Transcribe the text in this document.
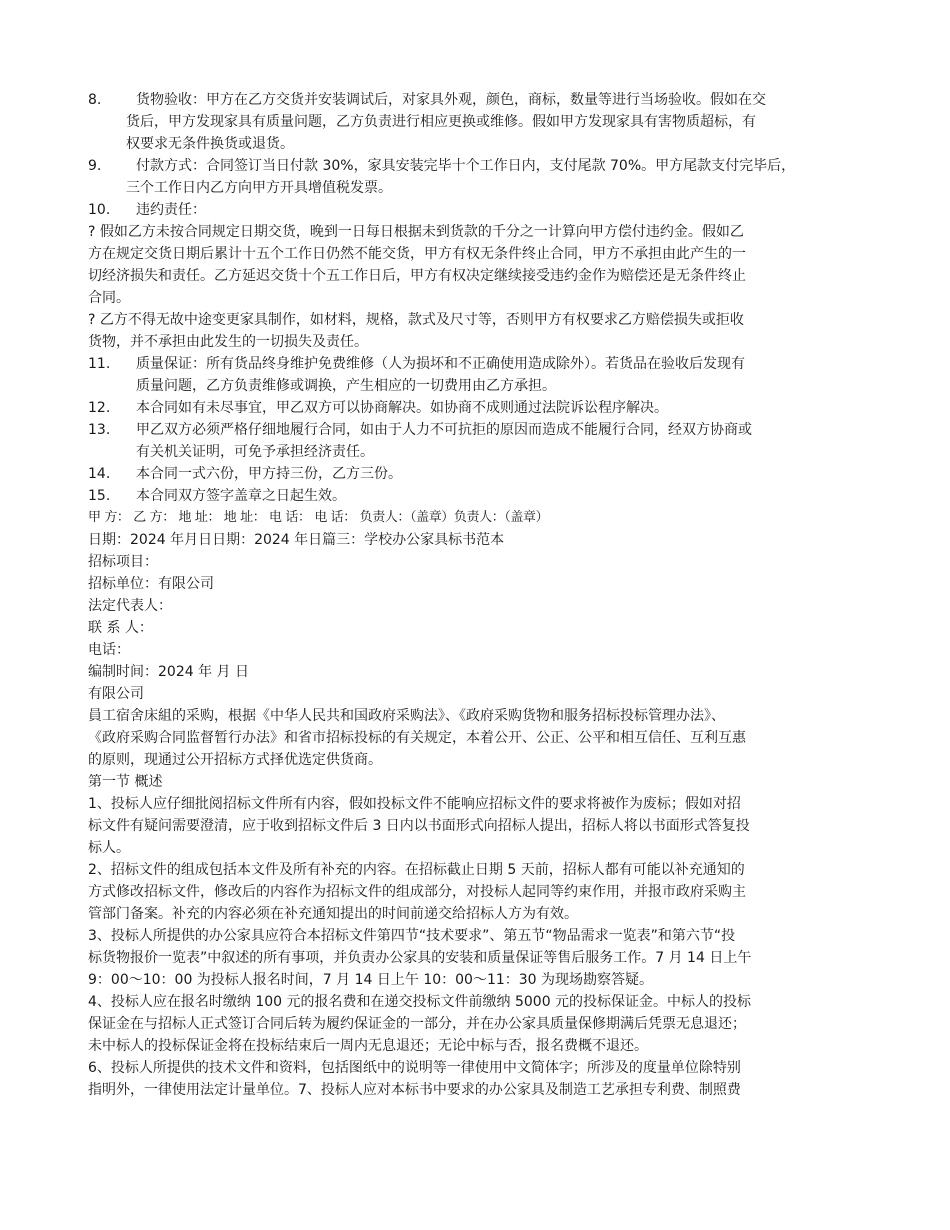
8. 货物验收：甲方在乙方交货并安装调试后，对家具外观，颜色，商标，数量等进行当场验收。假如在交
货后，甲方发现家具有质量问题，乙方负责进行相应更换或维修。假如甲方发现家具有害物质超标，有
权要求无条件换货或退货。
9. 付款方式：合同签订当日付款 30%，家具安装完毕十个工作日内，支付尾款 70%。甲方尾款支付完毕后，
三个工作日内乙方向甲方开具增值税发票。
10. 违约责任：
? 假如乙方未按合同规定日期交货，晚到一日每日根据未到货款的千分之一计算向甲方偿付违约金。假如乙
方在规定交货日期后累计十五个工作日仍然不能交货，甲方有权无条件终止合同，甲方不承担由此产生的一
切经济损失和责任。乙方延迟交货十个五工作日后，甲方有权决定继续接受违约金作为赔偿还是无条件终止
合同。
? 乙方不得无故中途变更家具制作，如材料，规格，款式及尺寸等，否则甲方有权要求乙方赔偿损失或拒收
货物，并不承担由此发生的一切损失及责任。
11. 质量保证：所有货品终身维护免费维修（人为损坏和不正确使用造成除外）。若货品在验收后发现有
质量问题，乙方负责维修或调换，产生相应的一切费用由乙方承担。
12. 本合同如有未尽事宜，甲乙双方可以协商解决。如协商不成则通过法院诉讼程序解决。
13. 甲乙双方必须严格仔细地履行合同，如由于人力不可抗拒的原因而造成不能履行合同，经双方协商或
有关机关证明，可免予承担经济责任。
14. 本合同一式六份，甲方持三份，乙方三份。
15. 本合同双方签字盖章之日起生效。
甲 方： 乙 方： 地 址： 地 址： 电 话： 电 话： 负责人：（盖章）负责人：（盖章）
日期：2024 年月日日期：2024 年日篇三：学校办公家具标书范本
招标项目：
招标单位：有限公司
法定代表人：
联 系 人：
电话：
编制时间：2024 年 月 日
有限公司
員工宿舍床組的采购，根据《中华人民共和国政府采购法》、《政府采购货物和服务招标投标管理办法》、
《政府采购合同监督暂行办法》和省市招标投标的有关规定，本着公开、公正、公平和相互信任、互利互惠
的原则，现通过公开招标方式择优选定供货商。
第一节 概述
1、投标人应仔细批阅招标文件所有内容，假如投标文件不能响应招标文件的要求将被作为废标；假如对招
标文件有疑问需要澄清，应于收到招标文件后 3 日内以书面形式向招标人提出，招标人将以书面形式答复投
标人。
2、招标文件的组成包括本文件及所有补充的内容。在招标截止日期 5 天前，招标人都有可能以补充通知的
方式修改招标文件，修改后的内容作为招标文件的组成部分，对投标人起同等约束作用，并报市政府采购主
管部门备案。补充的内容必须在补充通知提出的时间前递交给招标人方为有效。
3、投标人所提供的办公家具应符合本招标文件第四节“技术要求”、第五节“物品需求一览表”和第六节“投
标货物报价一览表”中叙述的所有事项，并负责办公家具的安装和质量保证等售后服务工作。7 月 14 日上午
9：00～10：00 为投标人报名时间，7 月 14 日上午 10：00～11：30 为现场勘察答疑。
4、投标人应在报名时缴纳 100 元的报名费和在递交投标文件前缴纳 5000 元的投标保证金。中标人的投标
保证金在与招标人正式签订合同后转为履约保证金的一部分，并在办公家具质量保修期满后凭票无息退还；
未中标人的投标保证金将在投标结束后一周内无息退还；无论中标与否，报名费概不退还。
6、投标人所提供的技术文件和资料，包括图纸中的说明等一律使用中文简体字；所涉及的度量单位除特别
指明外，一律使用法定计量单位。7、投标人应对本标书中要求的办公家具及制造工艺承担专利费、制照费
